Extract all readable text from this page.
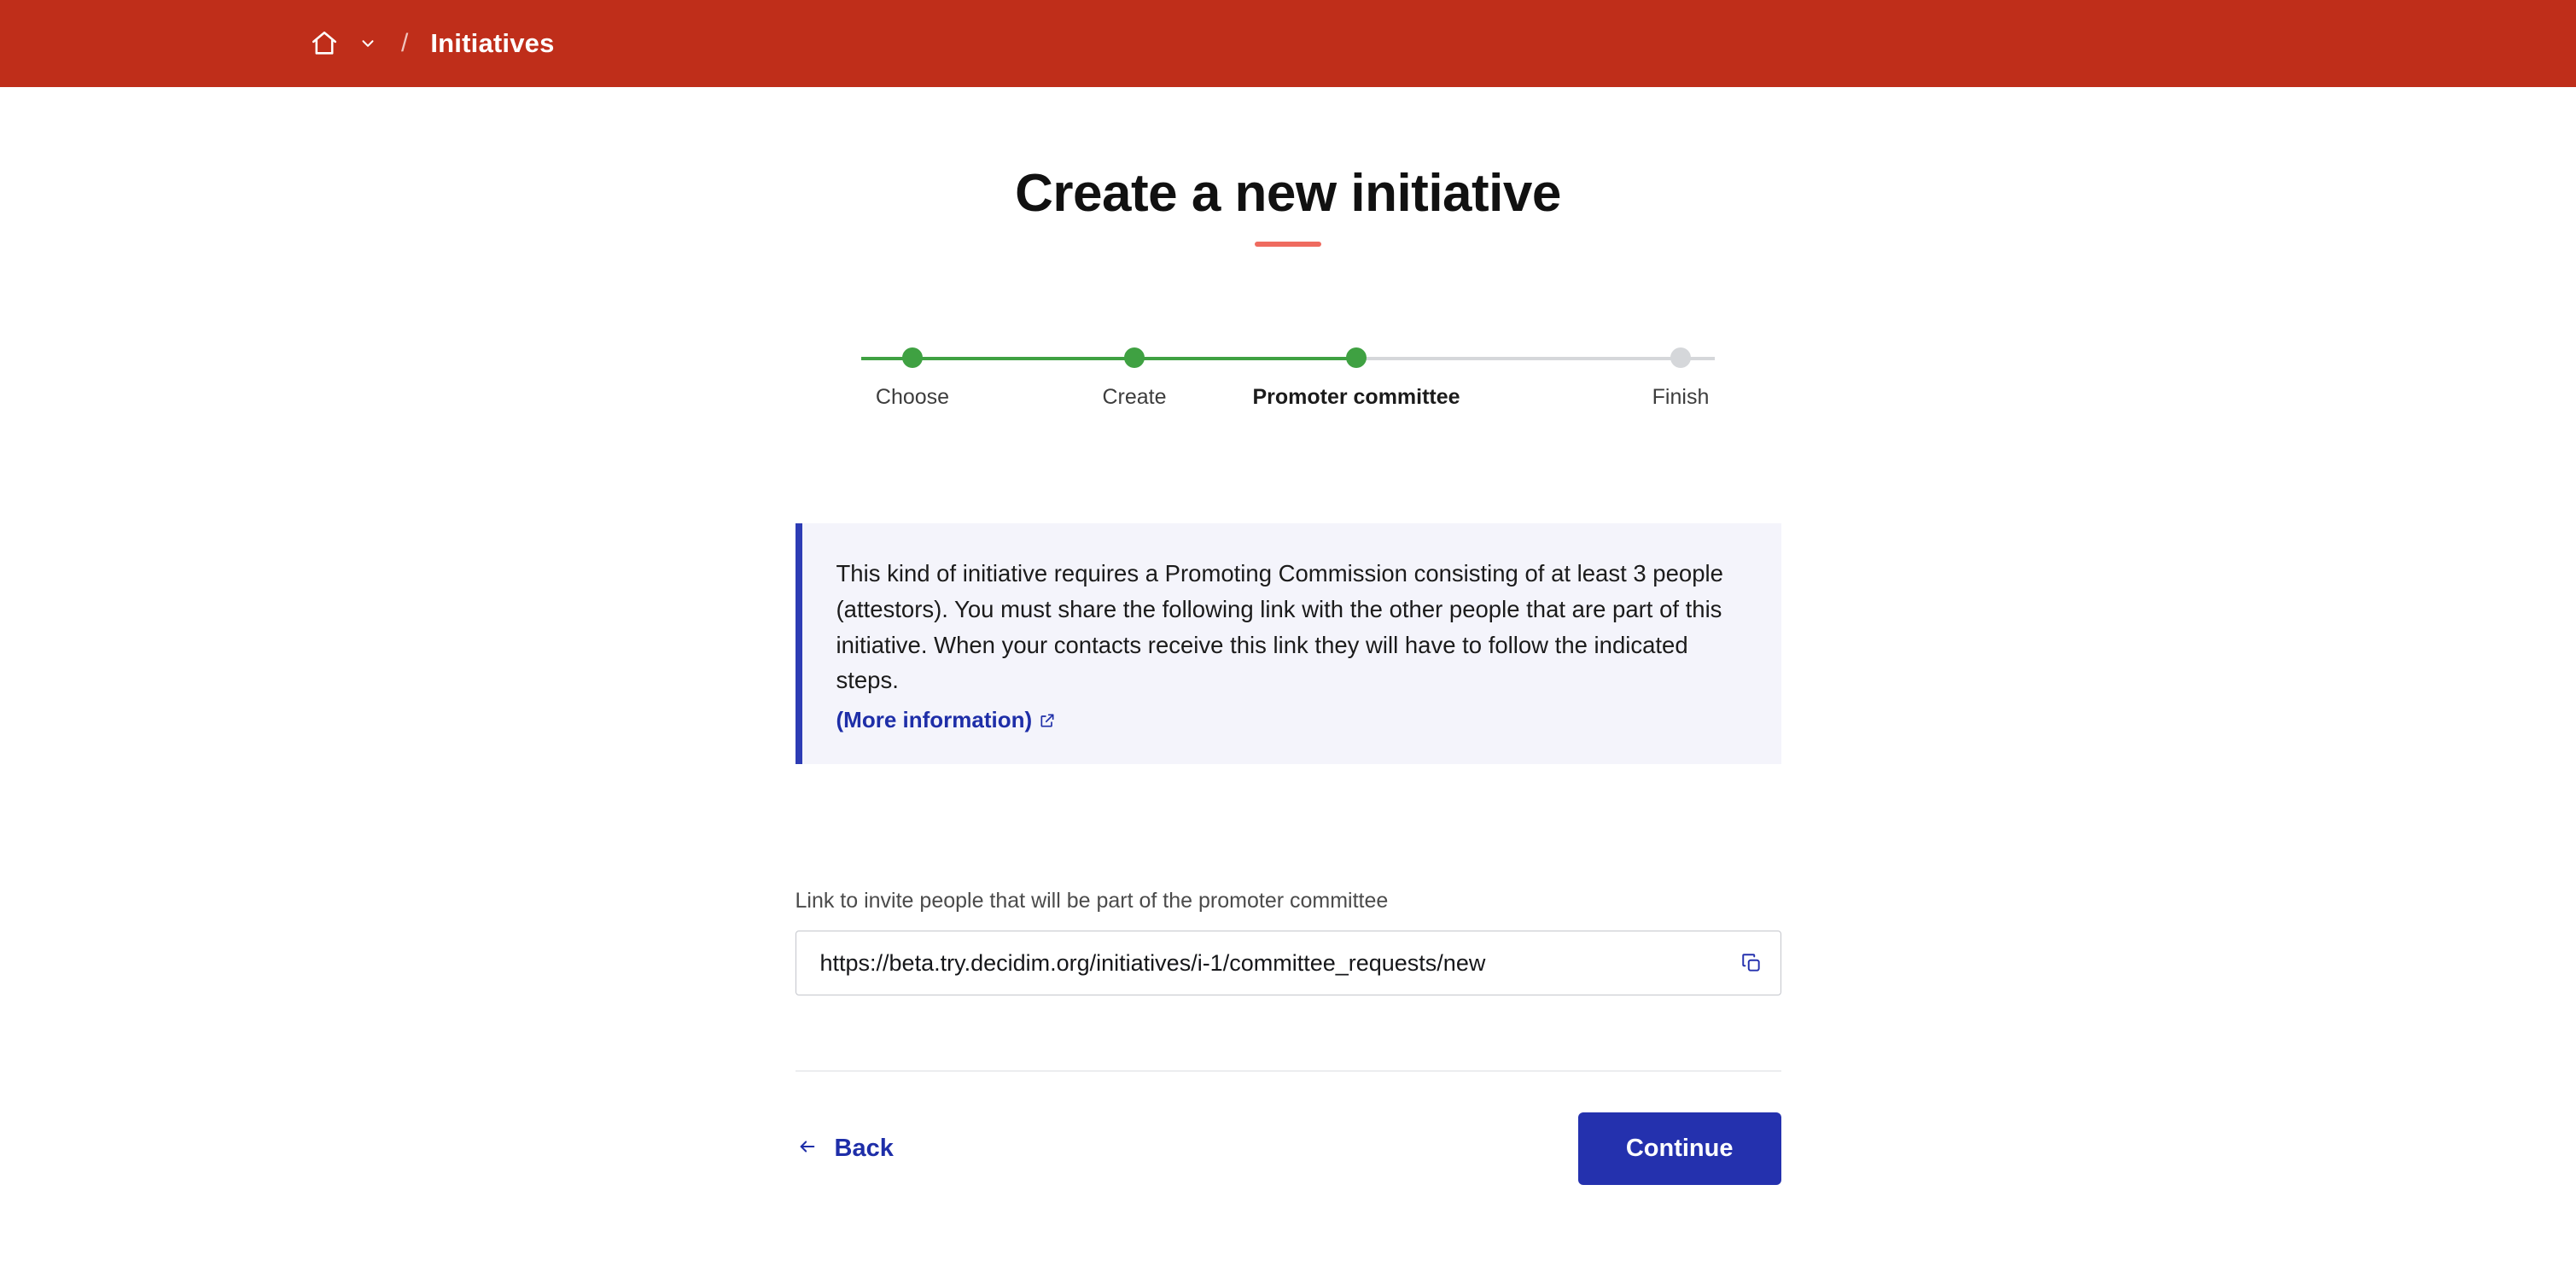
/ Initiatives
Create a new initiative
Choose	Create	Promoter committee	Finish

This kind of initiative requires a Promoting Commission consisting of at least 3 people (attestors). You must share the following link with the other people that are part of this initiative. When your contacts receive this link they will have to follow the indicated steps.

(More information)
Link to invite people that will be part of the promoter committee
https://beta.try.decidim.org/initiatives/i-1/committee_requests/new
Back	Continue
